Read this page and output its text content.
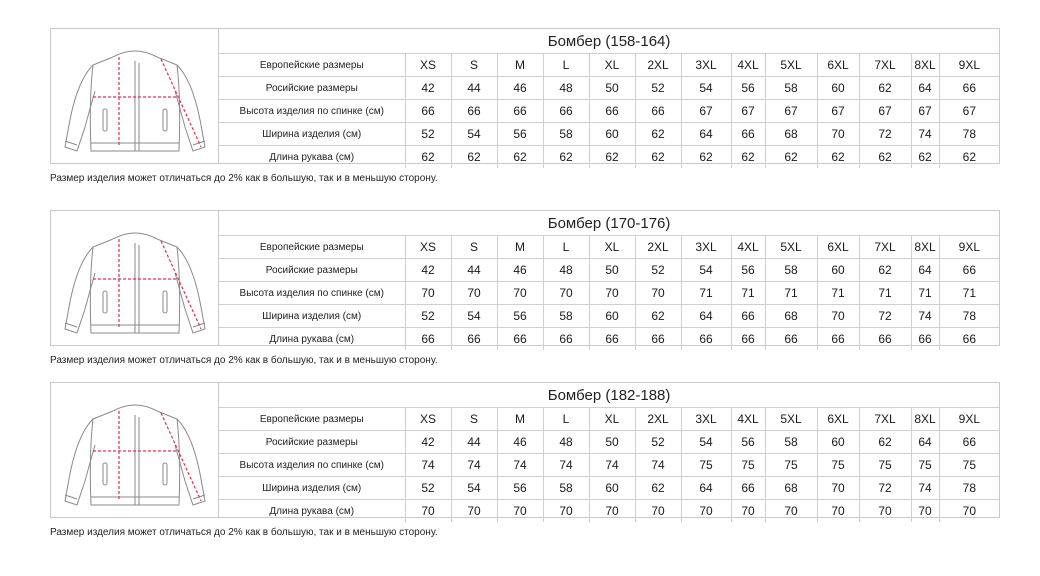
Бомбер (158-164)													
Европейские размеры	XS	S	M	L	XL	2XL	3XL	4XL	5XL	6XL	7XL	8XL	9XL
Росийские размеры	42	44	46	48	50	52	54	56	58	60	62	64	66
Высота изделия по спинке (см)	66	66	66	66	66	66	67	67	67	67	67	67	67
Ширина изделия (см)	52	54	56	58	60	62	64	66	68	70	72	74	78
Длина рукава (см)	62	62	62	62	62	62	62	62	62	62	62	62	62
Размер изделия может отличаться до 2% как в большую, так и в меньшую сторону.
Бомбер (170-176)													
Европейские размеры	XS	S	M	L	XL	2XL	3XL	4XL	5XL	6XL	7XL	8XL	9XL
Росийские размеры	42	44	46	48	50	52	54	56	58	60	62	64	66
Высота изделия по спинке (см)	70	70	70	70	70	70	71	71	71	71	71	71	71
Ширина изделия (см)	52	54	56	58	60	62	64	66	68	70	72	74	78
Длина рукава (см)	66	66	66	66	66	66	66	66	66	66	66	66	66
Размер изделия может отличаться до 2% как в большую, так и в меньшую сторону.
Бомбер (182-188)													
Европейские размеры	XS	S	M	L	XL	2XL	3XL	4XL	5XL	6XL	7XL	8XL	9XL
Росийские размеры	42	44	46	48	50	52	54	56	58	60	62	64	66
Высота изделия по спинке (см)	74	74	74	74	74	74	75	75	75	75	75	75	75
Ширина изделия (см)	52	54	56	58	60	62	64	66	68	70	72	74	78
Длина рукава (см)	70	70	70	70	70	70	70	70	70	70	70	70	70
Размер изделия может отличаться до 2% как в большую, так и в меньшую сторону.
